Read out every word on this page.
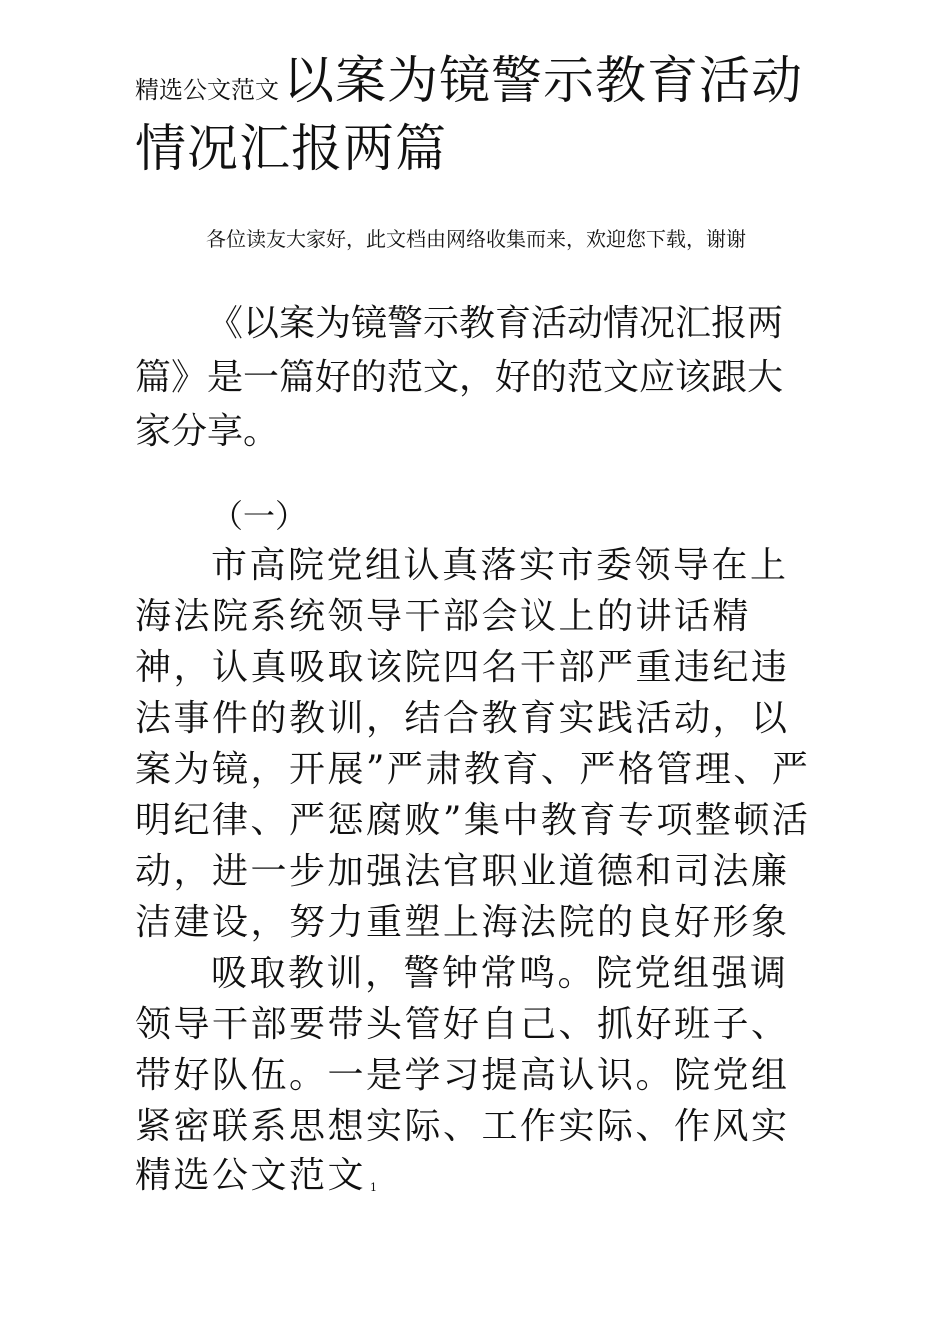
精选公文范文以案为镜警示教育活动情况汇报两篇
各位读友大家好，此文档由网络收集而来，欢迎您下载，谢谢
《以案为镜警示教育活动情况汇报两篇》是一篇好的范文，好的范文应该跟大家分享。
（一）

市高院党组认真落实市委领导在上海法院系统领导干部会议上的讲话精神，认真吸取该院四名干部严重违纪违法事件的教训，结合教育实践活动，以案为镜，开展”严肃教育、严格管理、严明纪律、严惩腐败”集中教育专项整顿活动，进一步加强法官职业道德和司法廉洁建设，努力重塑上海法院的良好形象

吸取教训，警钟常鸣。院党组强调领导干部要带头管好自己、抓好班子、带好队伍。一是学习提高认识。院党组紧密联系思想实际、工作实际、作风实

精选公文范文 1
